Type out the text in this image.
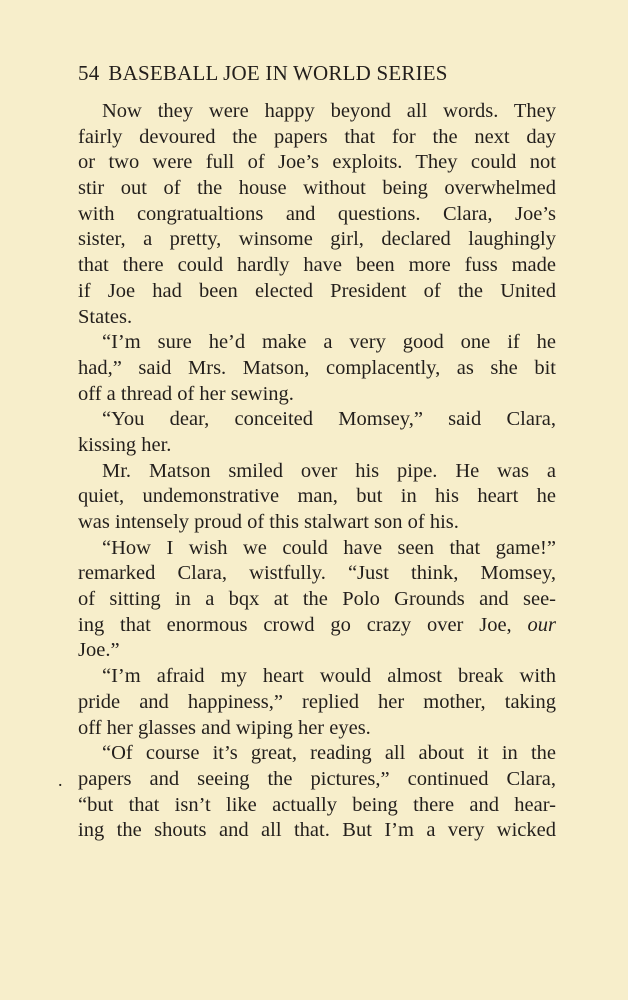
54 BASEBALL JOE IN WORLD SERIES
Now they were happy beyond all words. They
fairly devoured the papers that for the next day
or two were full of Joe’s exploits. They could not
stir out of the house without being overwhelmed
with congratualtions and questions. Clara, Joe’s
sister, a pretty, winsome girl, declared laughingly
that there could hardly have been more fuss made
if Joe had been elected President of the United
States.
“I’m sure he’d make a very good one if he
had,” said Mrs. Matson, complacently, as she bit
off a thread of her sewing.
“You dear, conceited Momsey,” said Clara,
kissing her.
Mr. Matson smiled over his pipe. He was a
quiet, undemonstrative man, but in his heart he
was intensely proud of this stalwart son of his.
“How I wish we could have seen that game!”
remarked Clara, wistfully. “Just think, Momsey,
of sitting in a bqx at the Polo Grounds and see-
ing that enormous crowd go crazy over Joe, our
Joe.”
“I’m afraid my heart would almost break with
pride and happiness,” replied her mother, taking
off her glasses and wiping her eyes.
“Of course it’s great, reading all about it in the
papers and seeing the pictures,” continued Clara,
“but that isn’t like actually being there and hear-
ing the shouts and all that. But I’m a very wicked
.
